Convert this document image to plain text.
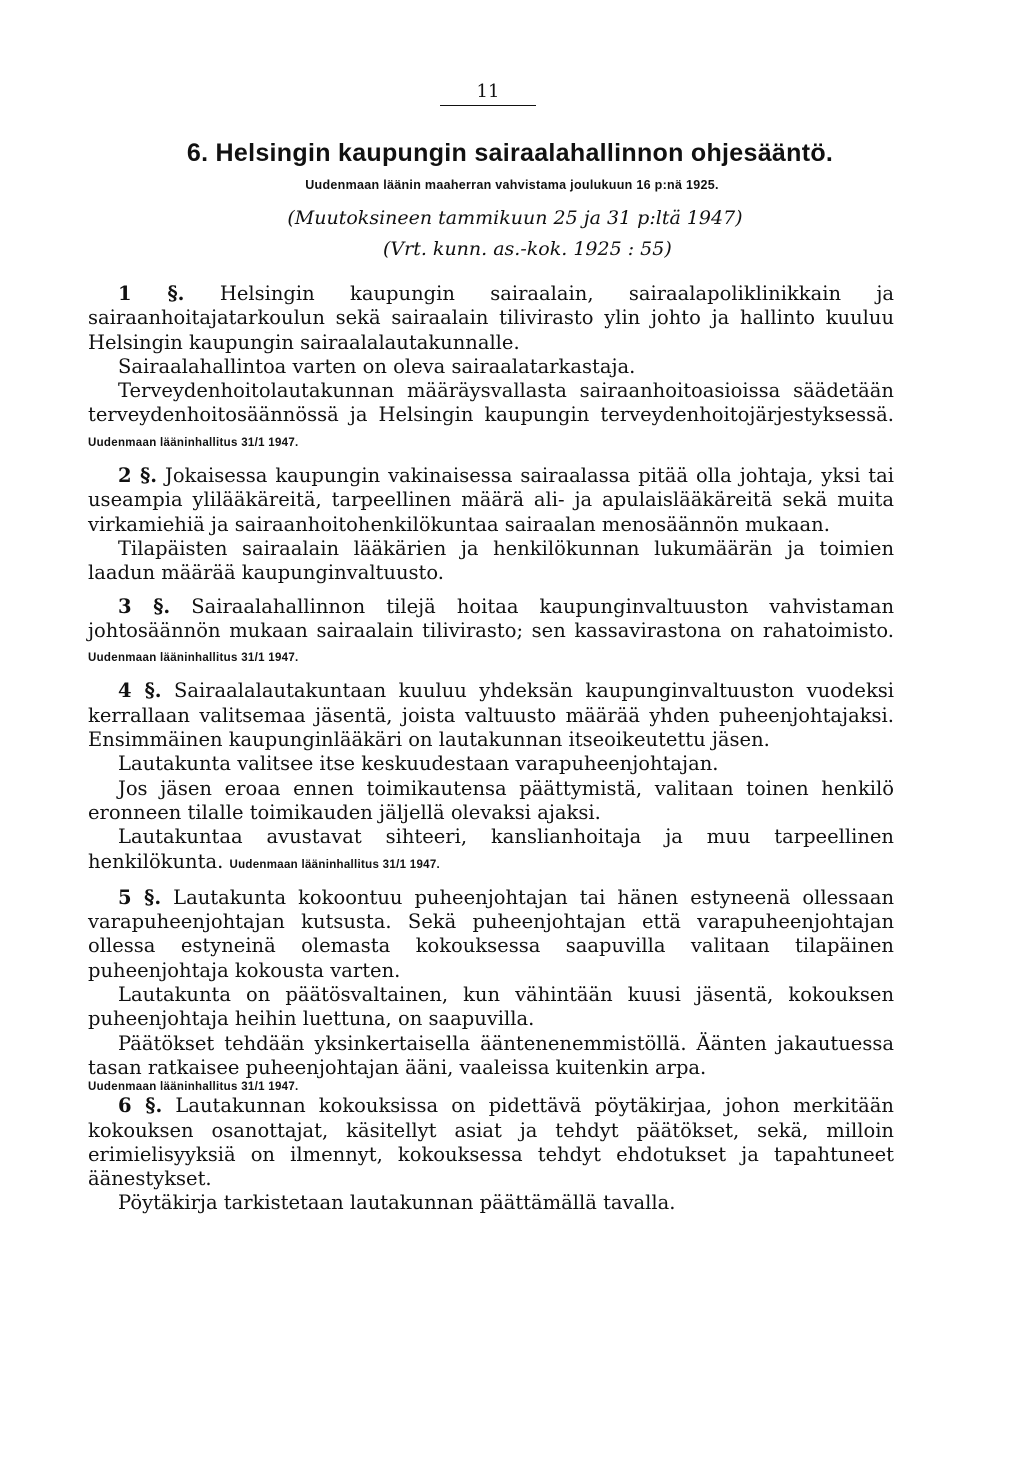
11
6. Helsingin kaupungin sairaalahallinnon ohjesääntö.
Uudenmaan läänin maaherran vahvistama joulukuun 16 p:nä 1925.
(Muutoksineen tammikuun 25 ja 31 p:ltä 1947)
(Vrt. kunn. as.-kok. 1925 : 55)

1 §. Helsingin kaupungin sairaalain, sairaalapoliklinikkain ja sairaanhoitajatarkoulun sekä sairaalain tilivirasto ylin johto ja hallinto kuuluu Helsingin kaupungin sairaalalautakunnalle.

Sairaalahallintoa varten on oleva sairaalatarkastaja.

Terveydenhoitolautakunnan määräysvallasta sairaanhoitoasioissa säädetään terveydenhoitosäännössä ja Helsingin kaupungin terveydenhoitojärjestyksessä. Uudenmaan lääninhallitus 31/1 1947.

2 §. Jokaisessa kaupungin vakinaisessa sairaalassa pitää olla johtaja, yksi tai useampia ylilääkäreitä, tarpeellinen määrä ali- ja apulaislääkäreitä sekä muita virkamiehiä ja sairaanhoitohenkilökuntaa sairaalan menosäännön mukaan.

Tilapäisten sairaalain lääkärien ja henkilökunnan lukumäärän ja toimien laadun määrää kaupunginvaltuusto.

3 §. Sairaalahallinnon tilejä hoitaa kaupunginvaltuuston vahvistaman johtosäännön mukaan sairaalain tilivirasto; sen kassavirastona on rahatoimisto. Uudenmaan lääninhallitus 31/1 1947.

4 §. Sairaalalautakuntaan kuuluu yhdeksän kaupunginvaltuuston vuodeksi kerrallaan valitsemaa jäsentä, joista valtuusto määrää yhden puheenjohtajaksi. Ensimmäinen kaupunginlääkäri on lautakunnan itseoikeutettu jäsen.

Lautakunta valitsee itse keskuudestaan varapuheenjohtajan.

Jos jäsen eroaa ennen toimikautensa päättymistä, valitaan toinen henkilö eronneen tilalle toimikauden jäljellä olevaksi ajaksi.

Lautakuntaa avustavat sihteeri, kanslianhoitaja ja muu tarpeellinen henkilökunta. Uudenmaan lääninhallitus 31/1 1947.

5 §. Lautakunta kokoontuu puheenjohtajan tai hänen estyneenä ollessaan varapuheenjohtajan kutsusta. Sekä puheenjohtajan että varapuheenjohtajan ollessa estyneinä olemasta kokouksessa saapuvilla valitaan tilapäinen puheenjohtaja kokousta varten.

Lautakunta on päätösvaltainen, kun vähintään kuusi jäsentä, kokouksen puheenjohtaja heihin luettuna, on saapuvilla.

Päätökset tehdään yksinkertaisella ääntenenemmistöllä. Äänten jakautuessa tasan ratkaisee puheenjohtajan ääni, vaaleissa kuitenkin arpa.

Uudenmaan lääninhallitus 31/1 1947.

6 §. Lautakunnan kokouksissa on pidettävä pöytäkirjaa, johon merkitään kokouksen osanottajat, käsitellyt asiat ja tehdyt päätökset, sekä, milloin erimielisyyksiä on ilmennyt, kokouksessa tehdyt ehdotukset ja tapahtuneet äänestykset.

Pöytäkirja tarkistetaan lautakunnan päättämällä tavalla.
